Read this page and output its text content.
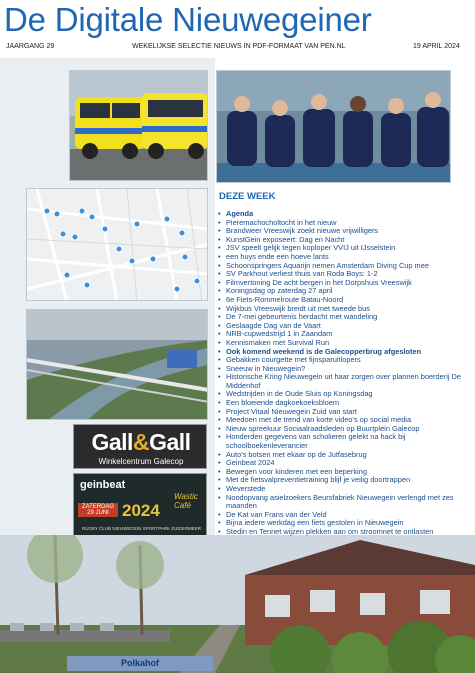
De Digitale Nieuwegeiner
JAARGANG 29	WEKELIJKSE SELECTIE NIEUWS IN PDF-FORMAAT VAN PEN.NL	19 APRIL 2024
Gall&Gall
Winkelcentrum Galecop
geinbeat
Wastic Café
ZATERDAG 29 JUNI 2024
RUGBY CLUB NIEUWEGEIN SPORTPARK ZUIDERMEER
DEZE WEEK
• Agenda
• Pieremachocholtocht in het nieuw
• Brandweer Vreeswijk zoekt nieuwe vrijwilligers
• KunstGein exposeert: Dag en Nacht
• JSV speelt gelijk tegen koploper VVIJ uit IJsselstein
• een huys ende een hoeve lants
• Schoonspringers Aquarijn nemen Amsterdam Diving Cup mee
• SV Parkhout verliest thuis van Roda Boys: 1-2
• Filmvertoning De acht bergen in het Dorpshuis Vreeswijk
• Koningsdag op zaterdag 27 april
• 6e Fiets-Rommelroute Batau-Noord
• Wijkbus Vreeswijk breidt uit met tweede bus
• De 7-mei gebeurtenis herdacht met wandeling
• Geslaagde Dag van de Vaart
• NRB-cupwedstrijd 1 in Zaandam
• Kennismaken met Survival Run
• Ook komend weekend is de Galecopperbrug afgesloten
• Gebakken courgette met fijnsparuitlopers
• Sneeuw in Nieuwegein?
• Historische Kring Nieuwegein uit haar zorgen over plannen boerderij De Middenhof
• Wedstrijden in de Oude Sluis op Koningsdag
• Een bloeiende dagkoekoeksbloem
• Project Vitaal Nieuwegein Zuid van start
• Meedoen met de trend van korte video's op social media
• Nieuw spreekuur Sociaalraadsleden op Buurtplein Galecop
• Honderden gegevens van scholieren gelekt na hack bij schoolboekenleverancier
• Auto's botsen met ekaar op de Jutfasebrug
• Geinbeat 2024
• Bewegen voor kinderen met een beperking
• Met de fietsvalpreventietraining blijf je veilig doortrappen
• Weverstede
• Noodopvang asielzoekers Beursfabriek Nieuwegein verlengd met zes maanden
• De Kat van Frans van der Veld
• Bijna iedere werkdag een fiets gestolen in Nieuwegein
• Stedin en Tennet wijzen plekken aan om stroomnet te ontlasten
Polkahof
